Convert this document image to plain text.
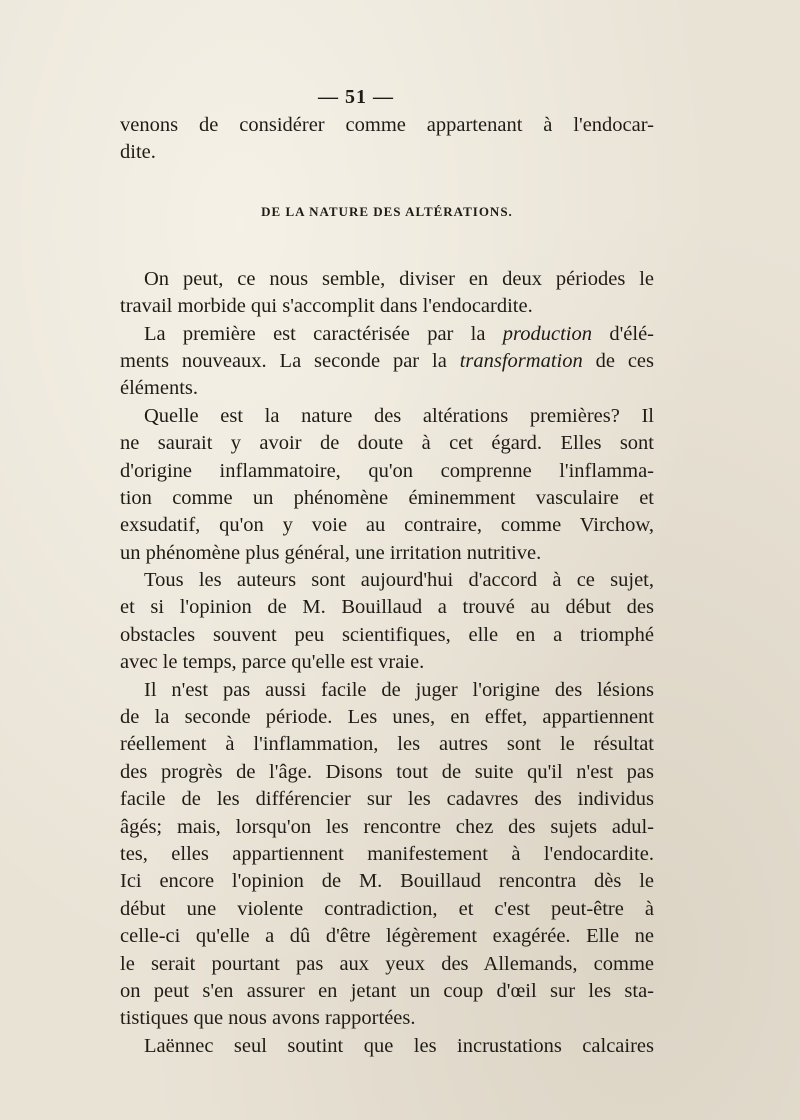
— 51 —
venons de considérer comme appartenant à l'endocar-
dite.
DE LA NATURE DES ALTÉRATIONS.
On peut, ce nous semble, diviser en deux périodes le
travail morbide qui s'accomplit dans l'endocardite.
La première est caractérisée par la production d'élé-
ments nouveaux. La seconde par la transformation de ces
éléments.
Quelle est la nature des altérations premières? Il
ne saurait y avoir de doute à cet égard. Elles sont
d'origine inflammatoire, qu'on comprenne l'inflamma-
tion comme un phénomène éminemment vasculaire et
exsudatif, qu'on y voie au contraire, comme Virchow,
un phénomène plus général, une irritation nutritive.
Tous les auteurs sont aujourd'hui d'accord à ce sujet,
et si l'opinion de M. Bouillaud a trouvé au début des
obstacles souvent peu scientifiques, elle en a triomphé
avec le temps, parce qu'elle est vraie.
Il n'est pas aussi facile de juger l'origine des lésions
de la seconde période. Les unes, en effet, appartiennent
réellement à l'inflammation, les autres sont le résultat
des progrès de l'âge. Disons tout de suite qu'il n'est pas
facile de les différencier sur les cadavres des individus
âgés; mais, lorsqu'on les rencontre chez des sujets adul-
tes, elles appartiennent manifestement à l'endocardite.
Ici encore l'opinion de M. Bouillaud rencontra dès le
début une violente contradiction, et c'est peut-être à
celle-ci qu'elle a dû d'être légèrement exagérée. Elle ne
le serait pourtant pas aux yeux des Allemands, comme
on peut s'en assurer en jetant un coup d'œil sur les sta-
tistiques que nous avons rapportées.
Laënnec seul soutint que les incrustations calcaires
